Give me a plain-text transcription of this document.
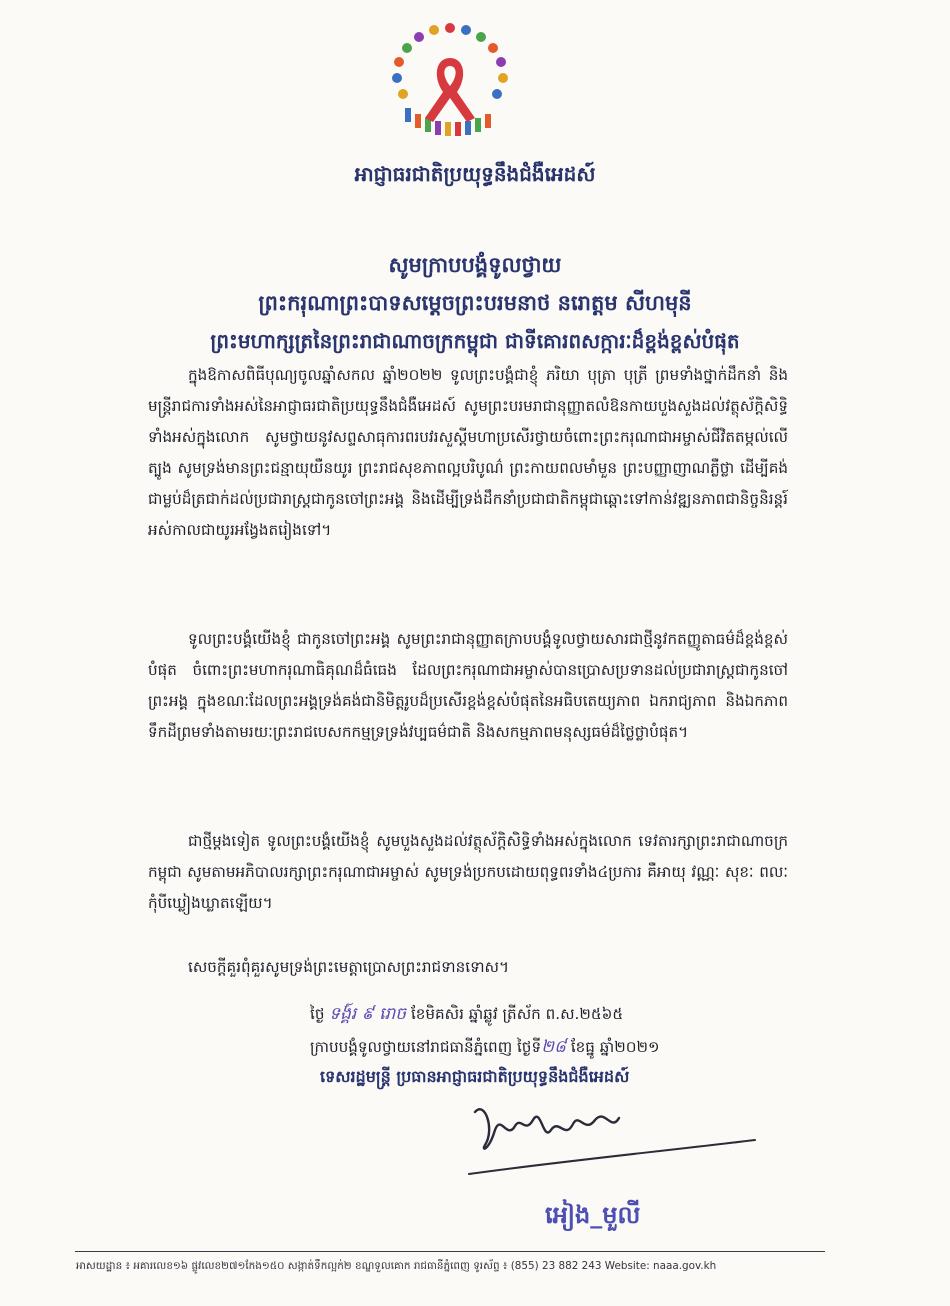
អាជ្ញាធរជាតិប្រយុទ្ធនឹងជំងឺអេដស៍
សូមក្រាបបង្គំទូលថ្វាយ
ព្រះករុណាព្រះបាទសម្តេចព្រះបរមនាថ នរោត្តម សីហមុនី
ព្រះមហាក្សត្រនៃព្រះរាជាណាចក្រកម្ពុជា ជាទីគោរពសក្ការៈដ៏ខ្ពង់ខ្ពស់បំផុត

ក្នុងឱកាសពិធីបុណ្យចូលឆ្នាំសកល ឆ្នាំ២០២២ ទូលព្រះបង្គំជាខ្ញុំ ភរិយា បុត្រា បុត្រី ព្រមទាំងថ្នាក់ដឹកនាំ និងមន្ត្រីរាជការទាំងអស់នៃអាជ្ញាធរជាតិប្រយុទ្ធនឹងជំងឺអេដស៍ សូមព្រះបរមរាជានុញ្ញាតលំឱនកាយបួងសួងដល់វត្ថុស័ក្តិសិទ្ធិទាំងអស់ក្នុងលោក សូមថ្វាយនូវសព្ទសាធុការពរបវរសួស្តីមហាប្រសើរថ្វាយចំពោះព្រះករុណាជាអម្ចាស់ជីវិតតម្កល់លើត្បូង សូមទ្រង់មានព្រះជន្មាយុយឺនយូរ ព្រះរាជសុខភាពល្អបរិបូណ៌ ព្រះកាយពលមាំមួន ព្រះបញ្ញាញាណភ្លឺថ្លា ដើម្បីគង់ជាម្លប់ដ៏ត្រជាក់ដល់ប្រជារាស្ត្រជាកូនចៅព្រះអង្គ និងដើម្បីទ្រង់ដឹកនាំប្រជាជាតិកម្ពុជាឆ្ពោះទៅកាន់វឌ្ឍនភាពជានិច្ចនិរន្តរ៍អស់កាលជាយូរអង្វែងតរៀងទៅ។

ទូលព្រះបង្គំយើងខ្ញុំ ជាកូនចៅព្រះអង្គ សូមព្រះរាជានុញ្ញាតក្រាបបង្គំទូលថ្វាយសារជាថ្មីនូវកតញ្ញូតាធម៌ដ៏ខ្ពង់ខ្ពស់បំផុត ចំពោះព្រះមហាករុណាធិគុណដ៏ធំធេង ដែលព្រះករុណាជាអម្ចាស់បានប្រោសប្រទានដល់ប្រជារាស្ត្រជាកូនចៅព្រះអង្គ ក្នុងខណៈដែលព្រះអង្គទ្រង់គង់ជានិមិត្តរូបដ៏ប្រសើរខ្ពង់ខ្ពស់បំផុតនៃអធិបតេយ្យភាព ឯករាជ្យភាព និងឯកភាពទឹកដីព្រមទាំងតាមរយៈព្រះរាជបេសកកម្មទ្រទ្រង់វប្បធម៌ជាតិ និងសកម្មភាពមនុស្សធម៌ដ៏ថ្លៃថ្លាបំផុត។

ជាថ្មីម្តងទៀត ទូលព្រះបង្គំយើងខ្ញុំ សូមបួងសួងដល់វត្ថុស័ក្តិសិទ្ធិទាំងអស់ក្នុងលោក ទេវតារក្សាព្រះរាជាណាចក្រកម្ពុជា សូមតាមអភិបាលរក្សាព្រះករុណាជាអម្ចាស់ សូមទ្រង់ប្រកបដោយពុទ្ធពរទាំង៤ប្រការ គឺអាយុ វណ្ណៈ សុខៈ ពលៈ កុំបីឃ្លៀងឃ្លាតឡើយ។

សេចក្តីគួរពុំគួរសូមទ្រង់ព្រះមេត្តាប្រោសព្រះរាជទានទោស។

ថ្ងៃ ទង្គ៍រ ៩ រោច ខែមិគសិរ ឆ្នាំឆ្លូវ ត្រីស័ក ព.ស.២៥៦៥
ក្រាបបង្គំទូលថ្វាយនៅរាជធានីភ្នំពេញ ថ្ងៃទី២៨ ខែធ្នូ ឆ្នាំ២០២១
ទេសរដ្ឋមន្ត្រី ប្រធានអាជ្ញាធរជាតិប្រយុទ្ធនឹងជំងឺអេដស៍
អៀង_មួលី
អាសយដ្ឋាន ៖ អគារលេខ១៦ ផ្លូវលេខ២៧១កែង១៥០ សង្កាត់ទឹកល្អក់២ ខណ្ឌទួលគោក រាជធានីភ្នំពេញ ទូរស័ព្ទ ៖ (855) 23 882 243 Website: naaa.gov.kh
